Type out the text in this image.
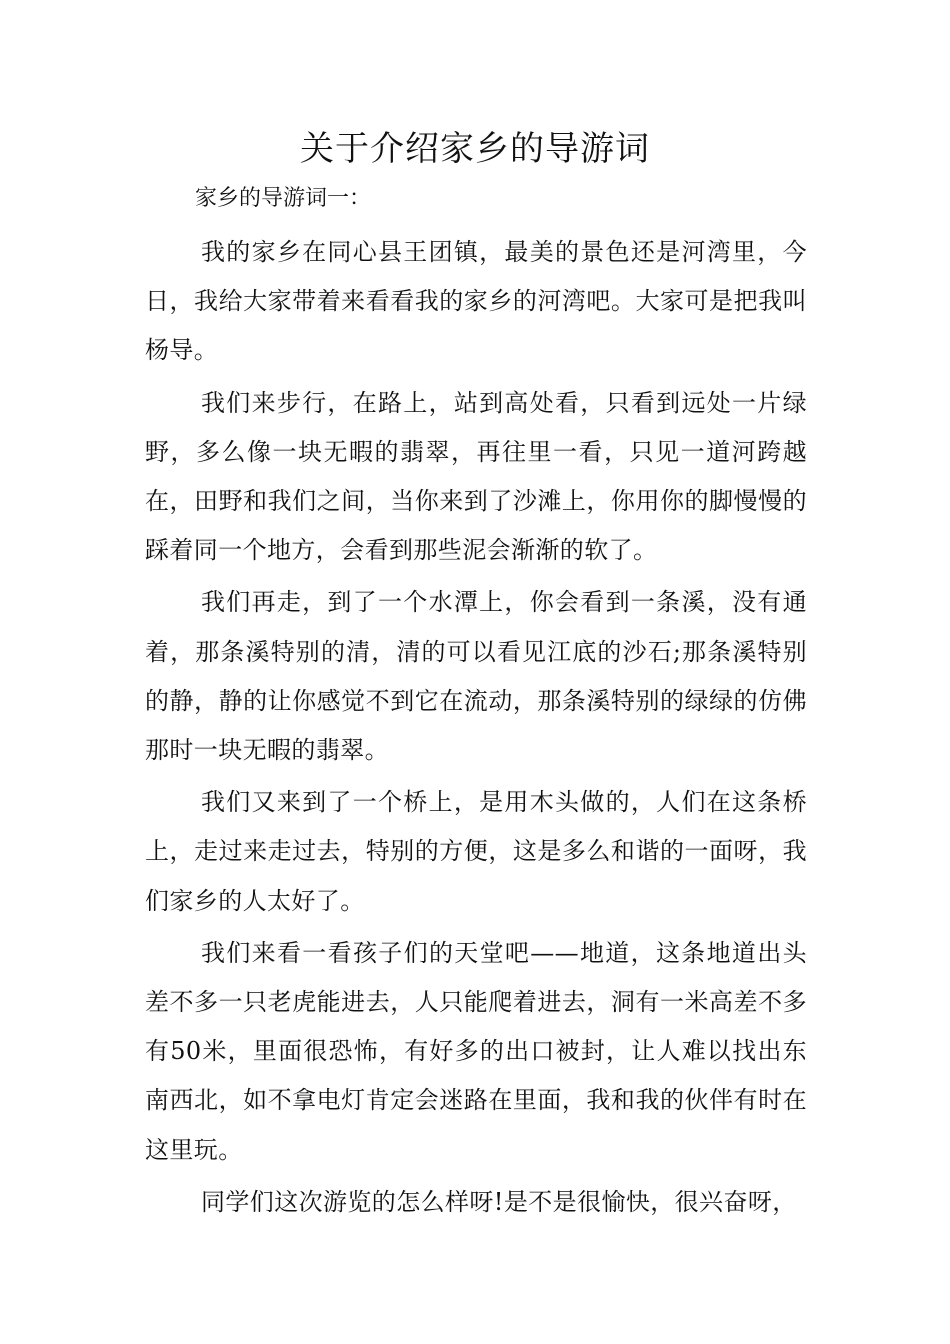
关于介绍家乡的导游词

家乡的导游词一：

我的家乡在同心县王团镇，最美的景色还是河湾里，今日，我给大家带着来看看我的家乡的河湾吧。大家可是把我叫杨导。

我们来步行，在路上，站到高处看，只看到远处一片绿野，多么像一块无暇的翡翠，再往里一看，只见一道河跨越在，田野和我们之间，当你来到了沙滩上，你用你的脚慢慢的踩着同一个地方，会看到那些泥会渐渐的软了。

我们再走，到了一个水潭上，你会看到一条溪，没有通着，那条溪特别的清，清的可以看见江底的沙石;那条溪特别的静，静的让你感觉不到它在流动，那条溪特别的绿绿的仿佛那时一块无暇的翡翠。

我们又来到了一个桥上，是用木头做的，人们在这条桥上，走过来走过去，特别的方便，这是多么和谐的一面呀，我们家乡的人太好了。

我们来看一看孩子们的天堂吧——地道，这条地道出头差不多一只老虎能进去，人只能爬着进去，洞有一米高差不多有50米，里面很恐怖，有好多的出口被封，让人难以找出东南西北，如不拿电灯肯定会迷路在里面，我和我的伙伴有时在这里玩。

同学们这次游览的怎么样呀!是不是很愉快，很兴奋呀，
